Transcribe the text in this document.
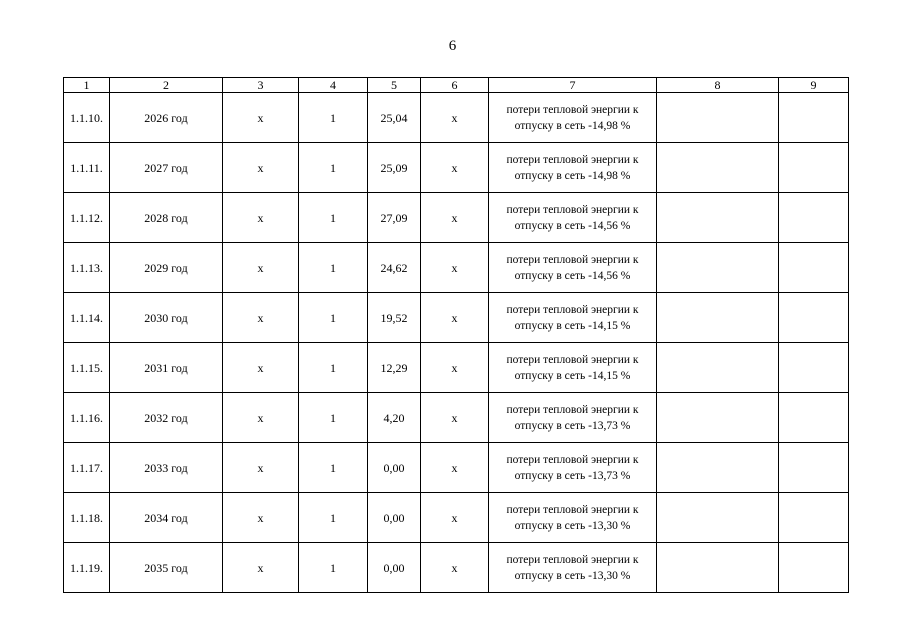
6
1	2	3	4	5	6	7	8	9
1.1.10.	2026 год	х	1	25,04	х	потери тепловой энергии к
отпуску в сеть -14,98 %		

1.1.11.	2027 год	х	1	25,09	х	потери тепловой энергии к
отпуску в сеть -14,98 %		

1.1.12.	2028 год	х	1	27,09	х	потери тепловой энергии к
отпуску в сеть -14,56 %		

1.1.13.	2029 год	х	1	24,62	х	потери тепловой энергии к
отпуску в сеть -14,56 %		

1.1.14.	2030 год	х	1	19,52	х	потери тепловой энергии к
отпуску в сеть -14,15 %		

1.1.15.	2031 год	х	1	12,29	х	потери тепловой энергии к
отпуску в сеть -14,15 %		

1.1.16.	2032 год	х	1	4,20	х	потери тепловой энергии к
отпуску в сеть -13,73 %		

1.1.17.	2033 год	х	1	0,00	х	потери тепловой энергии к
отпуску в сеть -13,73 %		

1.1.18.	2034 год	х	1	0,00	х	потери тепловой энергии к
отпуску в сеть -13,30 %		

1.1.19.	2035 год	х	1	0,00	х	потери тепловой энергии к
отпуску в сеть -13,30 %		
